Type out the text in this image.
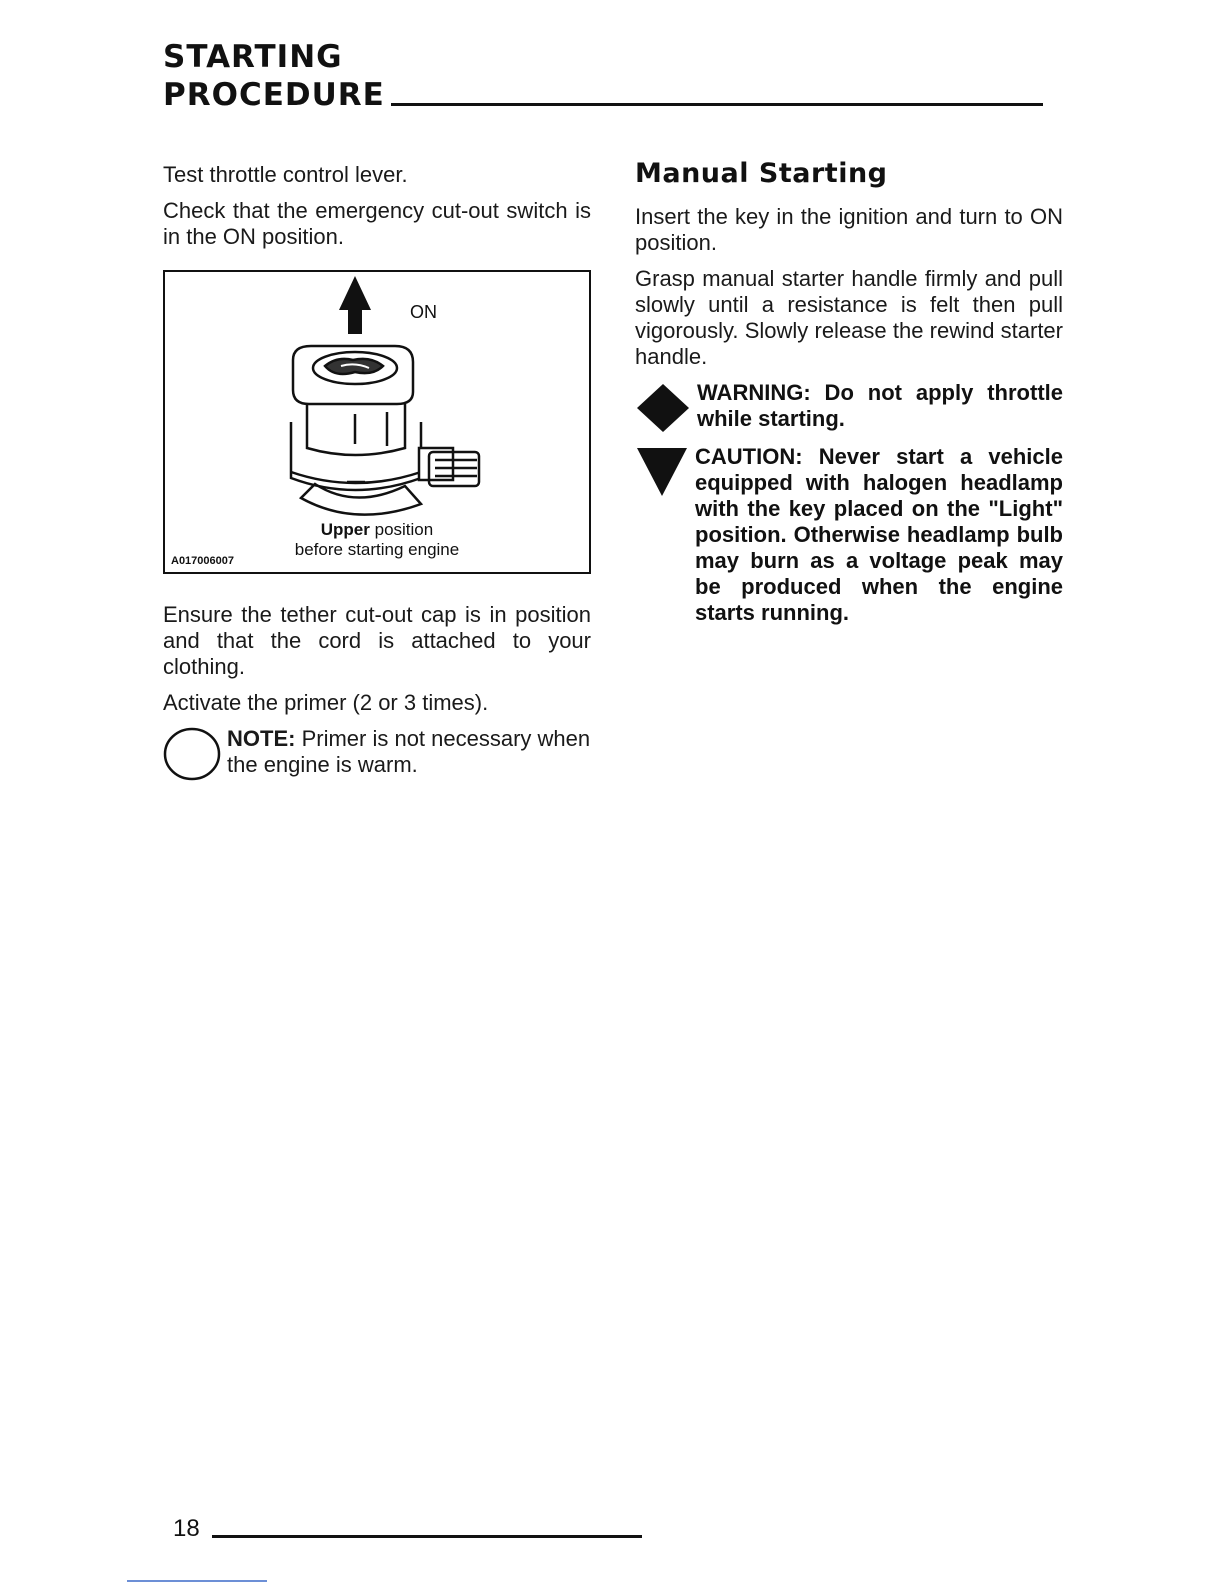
STARTING
PROCEDURE

Test throttle control lever.

Check that the emergency cut-out switch is in the ON position.

ON
Upper position
before starting engine
A017006007

Ensure the tether cut-out cap is in position and that the cord is attached to your clothing.

Activate the primer (2 or 3 times).

NOTE: Primer is not necessary when the engine is warm.
Manual Starting

Insert the key in the ignition and turn to ON position.

Grasp manual starter handle firmly and pull slowly until a resistance is felt then pull vigorously. Slowly release the rewind starter handle.

WARNING: Do not apply throttle while starting.
CAUTION: Never start a vehicle equipped with halogen headlamp with the key placed on the "Light" position. Otherwise headlamp bulb may burn as a voltage peak may be produced when the engine starts running.
18
